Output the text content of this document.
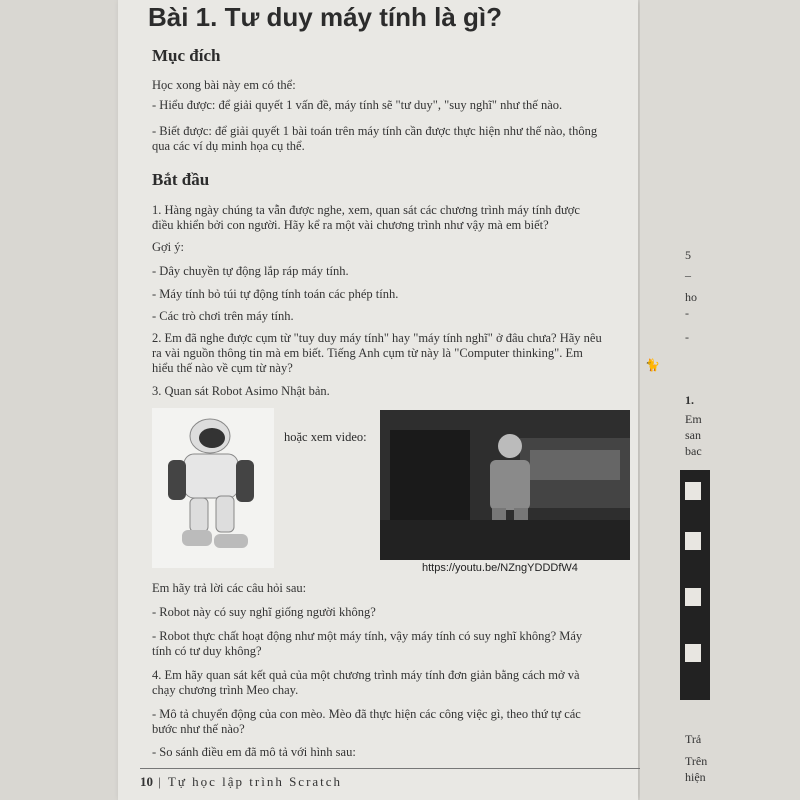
5
–
ho
-
-
1.
Em
san
bac
Trả
Trên
hiện
🐈
Bài 1. Tư duy máy tính là gì?
Mục đích
Học xong bài này em có thể:
- Hiểu được: để giải quyết 1 vấn đề, máy tính sẽ "tư duy", "suy nghĩ" như thế nào.
- Biết được: để giải quyết 1 bài toán trên máy tính cần được thực hiện như thế nào, thông
qua các ví dụ minh họa cụ thể.
Bắt đầu
1. Hàng ngày chúng ta vẫn được nghe, xem, quan sát các chương trình máy tính được
điều khiển bởi con người. Hãy kể ra một vài chương trình như vậy mà em biết?
Gợi ý:
- Dây chuyền tự động lắp ráp máy tính.
- Máy tính bỏ túi tự động tính toán các phép tính.
- Các trò chơi trên máy tính.
2. Em đã nghe được cụm từ "tuy duy máy tính" hay "máy tính nghĩ" ở đâu chưa? Hãy nêu
ra vài nguồn thông tin mà em biết. Tiếng Anh cụm từ này là "Computer thinking". Em
hiểu thế nào về cụm từ này?
3. Quan sát Robot Asimo Nhật bản.
hoặc xem video:
https://youtu.be/NZngYDDDfW4
Em hãy trả lời các câu hỏi sau:
- Robot này có suy nghĩ giống người không?
- Robot thực chất hoạt động như một máy tính, vậy máy tính có suy nghĩ không? Máy
tính có tư duy không?
4. Em hãy quan sát kết quả của một chương trình máy tính đơn giản bằng cách mở và
chạy chương trình Meo chay.
- Mô tả chuyển động của con mèo. Mèo đã thực hiện các công việc gì, theo thứ tự các
bước như thế nào?
- So sánh điều em đã mô tả với hình sau:
10 | Tự học lập trình Scratch
